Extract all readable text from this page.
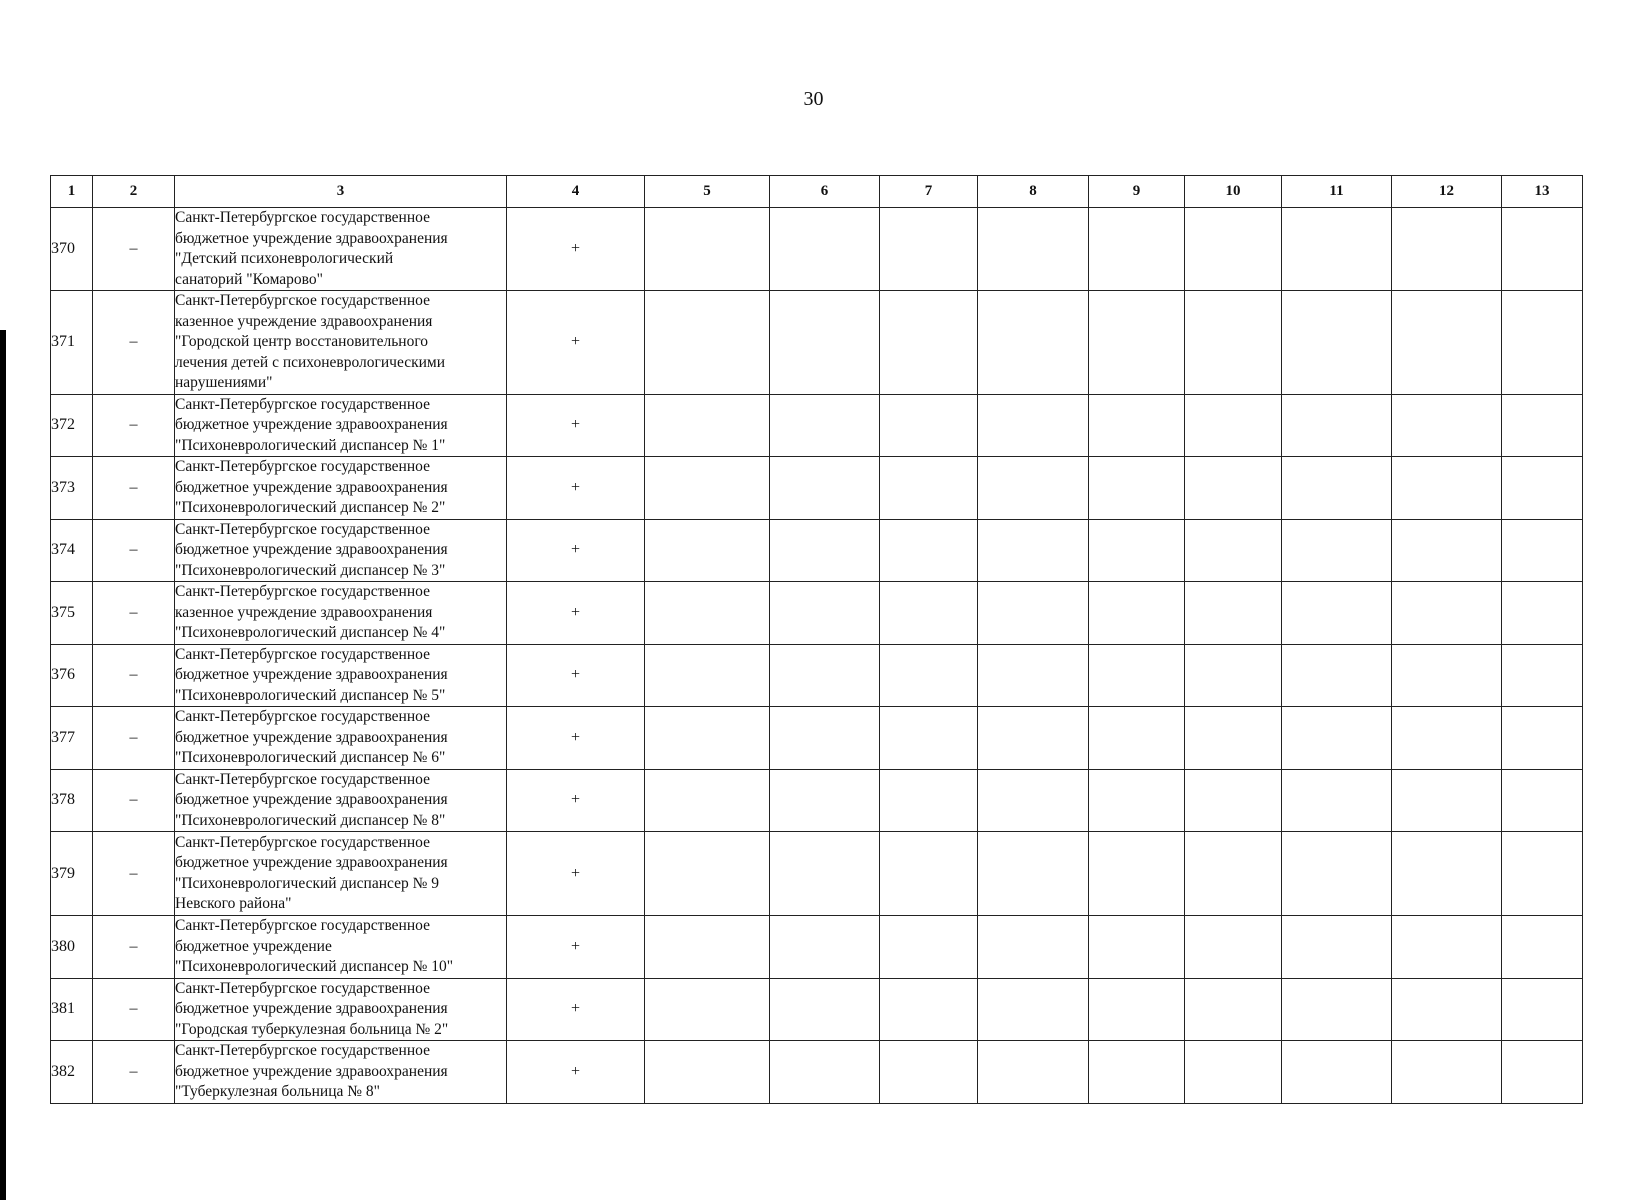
30
1	2	3	4	5	6	7	8	9	10	11	12	13
370	–	Санкт-Петербургское государственное
бюджетное учреждение здравоохранения
"Детский психоневрологический
санаторий "Комарово"	+									
371	–	Санкт-Петербургское государственное
казенное учреждение здравоохранения
"Городской центр восстановительного
лечения детей с психоневрологическими
нарушениями"	+									
372	–	Санкт-Петербургское государственное
бюджетное учреждение здравоохранения
"Психоневрологический диспансер № 1"	+									
373	–	Санкт-Петербургское государственное
бюджетное учреждение здравоохранения
"Психоневрологический диспансер № 2"	+									
374	–	Санкт-Петербургское государственное
бюджетное учреждение здравоохранения
"Психоневрологический диспансер № 3"	+									
375	–	Санкт-Петербургское государственное
казенное учреждение здравоохранения
"Психоневрологический диспансер № 4"	+									
376	–	Санкт-Петербургское государственное
бюджетное учреждение здравоохранения
"Психоневрологический диспансер № 5"	+									
377	–	Санкт-Петербургское государственное
бюджетное учреждение здравоохранения
"Психоневрологический диспансер № 6"	+									
378	–	Санкт-Петербургское государственное
бюджетное учреждение здравоохранения
"Психоневрологический диспансер № 8"	+									
379	–	Санкт-Петербургское государственное
бюджетное учреждение здравоохранения
"Психоневрологический диспансер № 9
Невского района"	+									
380	–	Санкт-Петербургское государственное
бюджетное учреждение
"Психоневрологический диспансер № 10"	+									
381	–	Санкт-Петербургское государственное
бюджетное учреждение здравоохранения
"Городская туберкулезная больница № 2"	+									
382	–	Санкт-Петербургское государственное
бюджетное учреждение здравоохранения
"Туберкулезная больница № 8"	+									
